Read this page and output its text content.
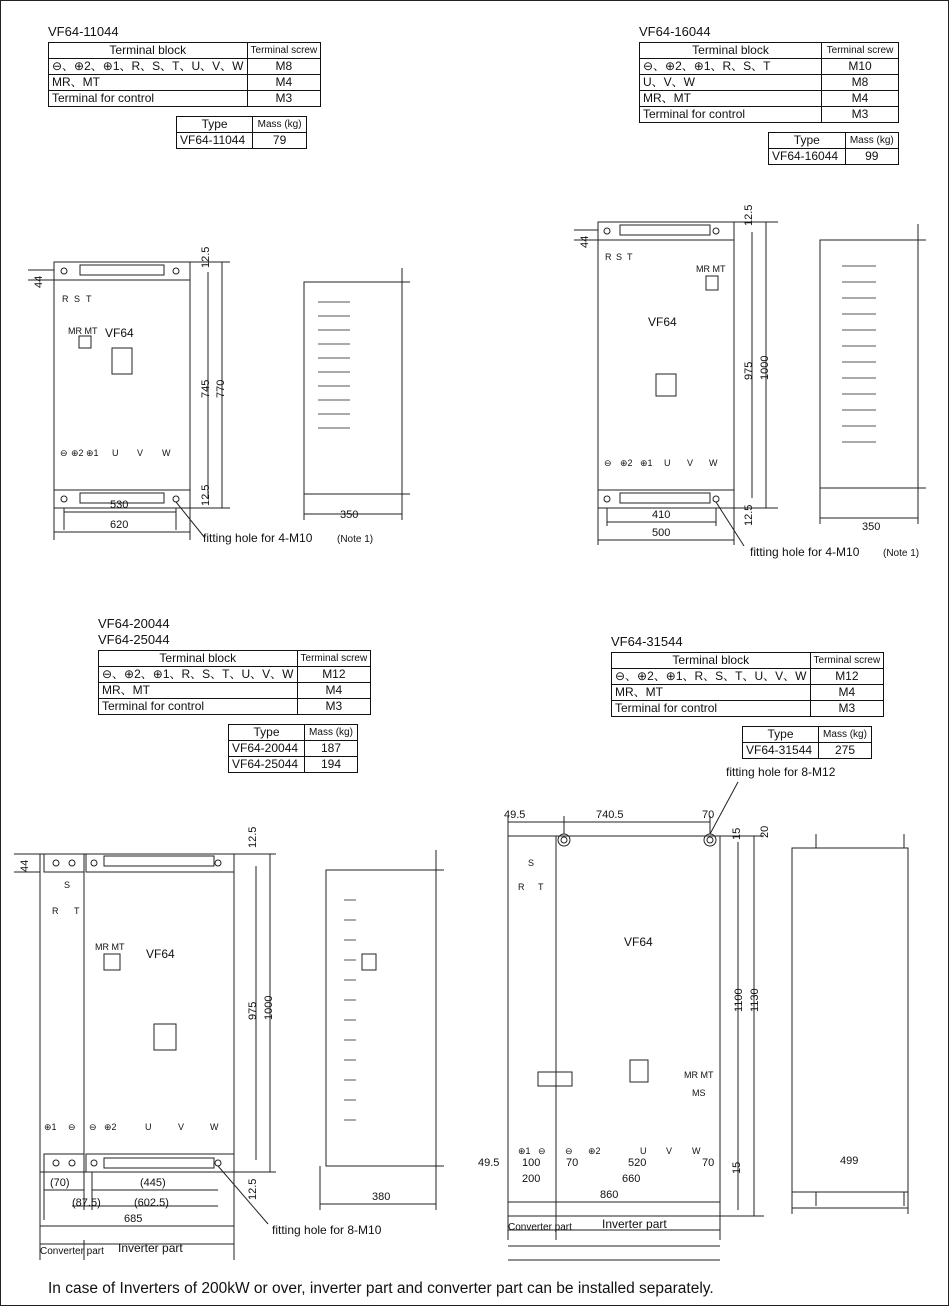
VF64-11044
Terminal block	Terminal screw
⊖、⊕2、⊕1、R、S、T、U、V、W	M8
MR、MT	M4
Terminal for control	M3
Type	Mass (kg)
VF64-11044	79
VF64
MR MT
R S T
⊖ ⊕2 ⊕1 U V W
44
12.5
745 770
530
620
12.5
350
fitting hole for 4-M10 (Note 1)
VF64-16044
Terminal block	Terminal screw
⊖、⊕2、⊕1、R、S、T	M10
U、V、W	M8
MR、MT	M4
Terminal for control	M3
Type	Mass (kg)
VF64-16044	99
VF64
MR MT
R S T
⊖ ⊕2 ⊕1 U V W
44
12.5
975 1000
410
500
12.5
350
fitting hole for 4-M10 (Note 1)
VF64-20044
VF64-25044
Terminal block	Terminal screw
⊖、⊕2、⊕1、R、S、T、U、V、W	M12
MR、MT	M4
Terminal for control	M3
Type	Mass (kg)
VF64-20044	187
VF64-25044	194
VF64
MR MT
S
R T
⊕1 ⊖ ⊖ ⊕2	U	V	W
44
12.5
975 1000
(70)	(445)
(87.5)	(602.5)
685
12.5	380
fitting hole for 8-M10
Converter part Inverter part
VF64-31544
Terminal block	Terminal screw
⊖、⊕2、⊕1、R、S、T、U、V、W	M12
MR、MT	M4
Terminal for control	M3
Type	Mass (kg)
VF64-31544	275
VF64
MR MT
MS
S
R T
⊕1 ⊖ ⊖ ⊕2	U V W
49.5	740.5	70
15 20
1100 1130
49.5 100 70	520	70 15
200	660
860
499
fitting hole for 8-M12
Converter part	Inverter part
In case of Inverters of 200kW or over, inverter part and converter part can be installed separately.
